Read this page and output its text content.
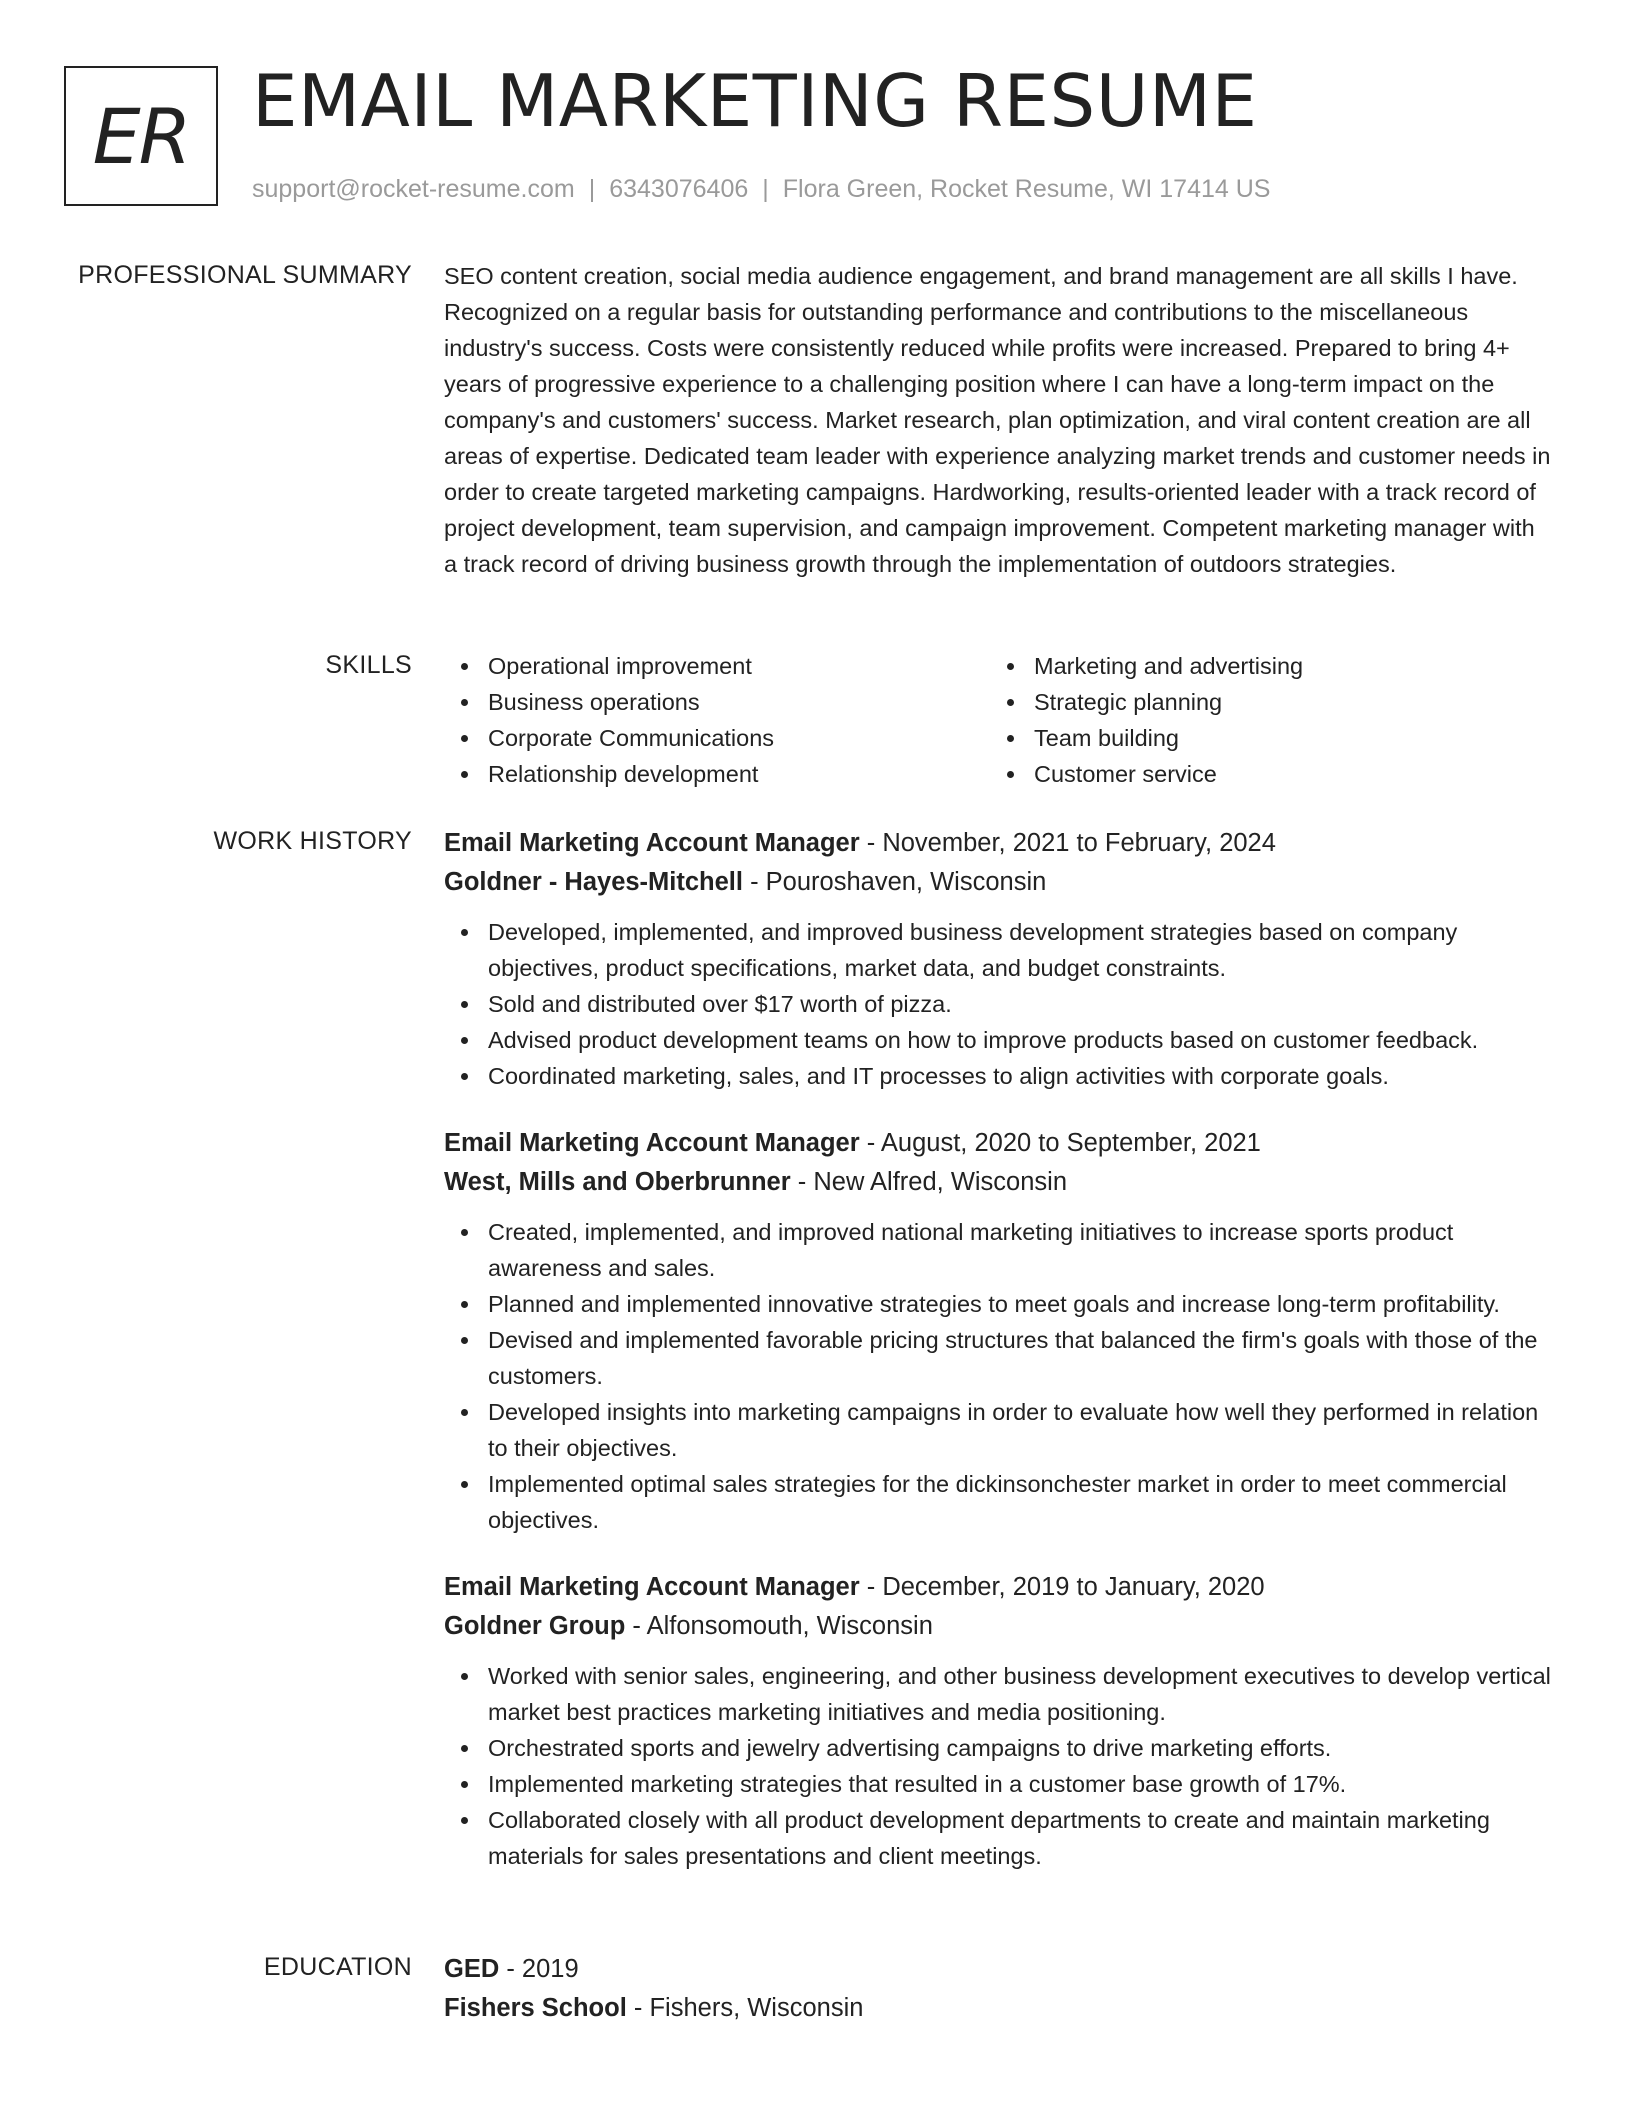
ER EMAIL MARKETING RESUME
support@rocket-resume.com | 6343076406 | Flora Green, Rocket Resume, WI 17414 US
PROFESSIONAL SUMMARY SEO content creation, social media audience engagement, and brand management are all skills I have. Recognized on a regular basis for outstanding performance and contributions to the miscellaneous industry's success. Costs were consistently reduced while profits were increased. Prepared to bring 4+ years of progressive experience to a challenging position where I can have a long-term impact on the company's and customers' success. Market research, plan optimization, and viral content creation are all areas of expertise. Dedicated team leader with experience analyzing market trends and customer needs in order to create targeted marketing campaigns. Hardworking, results-oriented leader with a track record of project development, team supervision, and campaign improvement. Competent marketing manager with a track record of driving business growth through the implementation of outdoors strategies.

SKILLS	Operational improvement
Business operations
Corporate Communications
Relationship development
Marketing and advertising
Strategic planning
Team building
Customer service
WORK HISTORY Email Marketing Account Manager - November, 2021 to February, 2024
Goldner - Hayes-Mitchell - Pouroshaven, Wisconsin
Developed, implemented, and improved business development strategies based on company objectives, product specifications, market data, and budget constraints.
Sold and distributed over $17 worth of pizza.
Advised product development teams on how to improve products based on customer feedback.
Coordinated marketing, sales, and IT processes to align activities with corporate goals.
Email Marketing Account Manager - August, 2020 to September, 2021
West, Mills and Oberbrunner - New Alfred, Wisconsin
Created, implemented, and improved national marketing initiatives to increase sports product awareness and sales.
Planned and implemented innovative strategies to meet goals and increase long-term profitability.
Devised and implemented favorable pricing structures that balanced the firm's goals with those of the customers.
Developed insights into marketing campaigns in order to evaluate how well they performed in relation to their objectives.
Implemented optimal sales strategies for the dickinsonchester market in order to meet commercial objectives.
Email Marketing Account Manager - December, 2019 to January, 2020
Goldner Group - Alfonsomouth, Wisconsin
Worked with senior sales, engineering, and other business development executives to develop vertical market best practices marketing initiatives and media positioning.
Orchestrated sports and jewelry advertising campaigns to drive marketing efforts.
Implemented marketing strategies that resulted in a customer base growth of 17%.
Collaborated closely with all product development departments to create and maintain marketing materials for sales presentations and client meetings.
EDUCATION GED - 2019
Fishers School - Fishers, Wisconsin
